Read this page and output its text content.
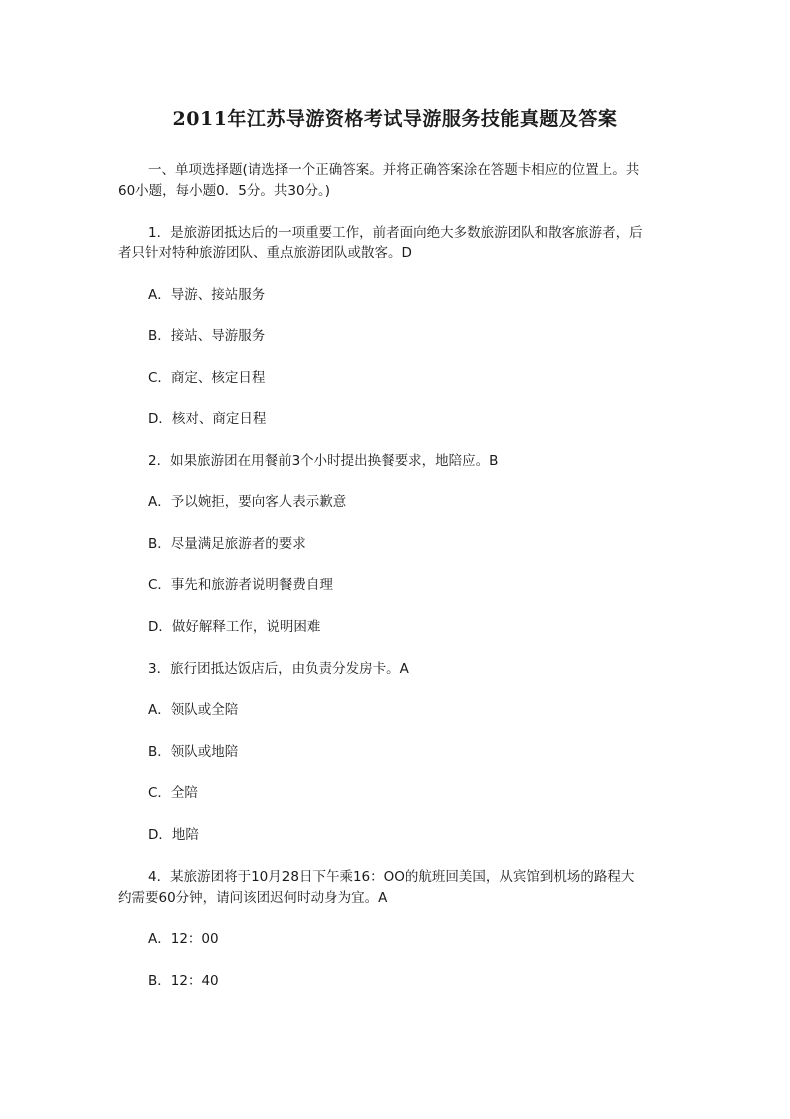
2011年江苏导游资格考试导游服务技能真题及答案
一、单项选择题(请选择一个正确答案。并将正确答案涂在答题卡相应的位置上。共
60小题，每小题0．5分。共30分。)
1．是旅游团抵达后的一项重要工作，前者面向绝大多数旅游团队和散客旅游者，后
者只针对特种旅游团队、重点旅游团队或散客。D
A．导游、接站服务
B．接站、导游服务
C．商定、核定日程
D．核对、商定日程
2．如果旅游团在用餐前3个小时提出换餐要求，地陪应。B
A．予以婉拒，要向客人表示歉意
B．尽量满足旅游者的要求
C．事先和旅游者说明餐费自理
D．做好解释工作，说明困难
3．旅行团抵达饭店后，由负责分发房卡。A
A．领队或全陪
B．领队或地陪
C．全陪
D．地陪
4．某旅游团将于10月28日下午乘16：OO的航班回美国，从宾馆到机场的路程大
约需要60分钟，请问该团迟何时动身为宜。A
A．12：00
B．12：40
